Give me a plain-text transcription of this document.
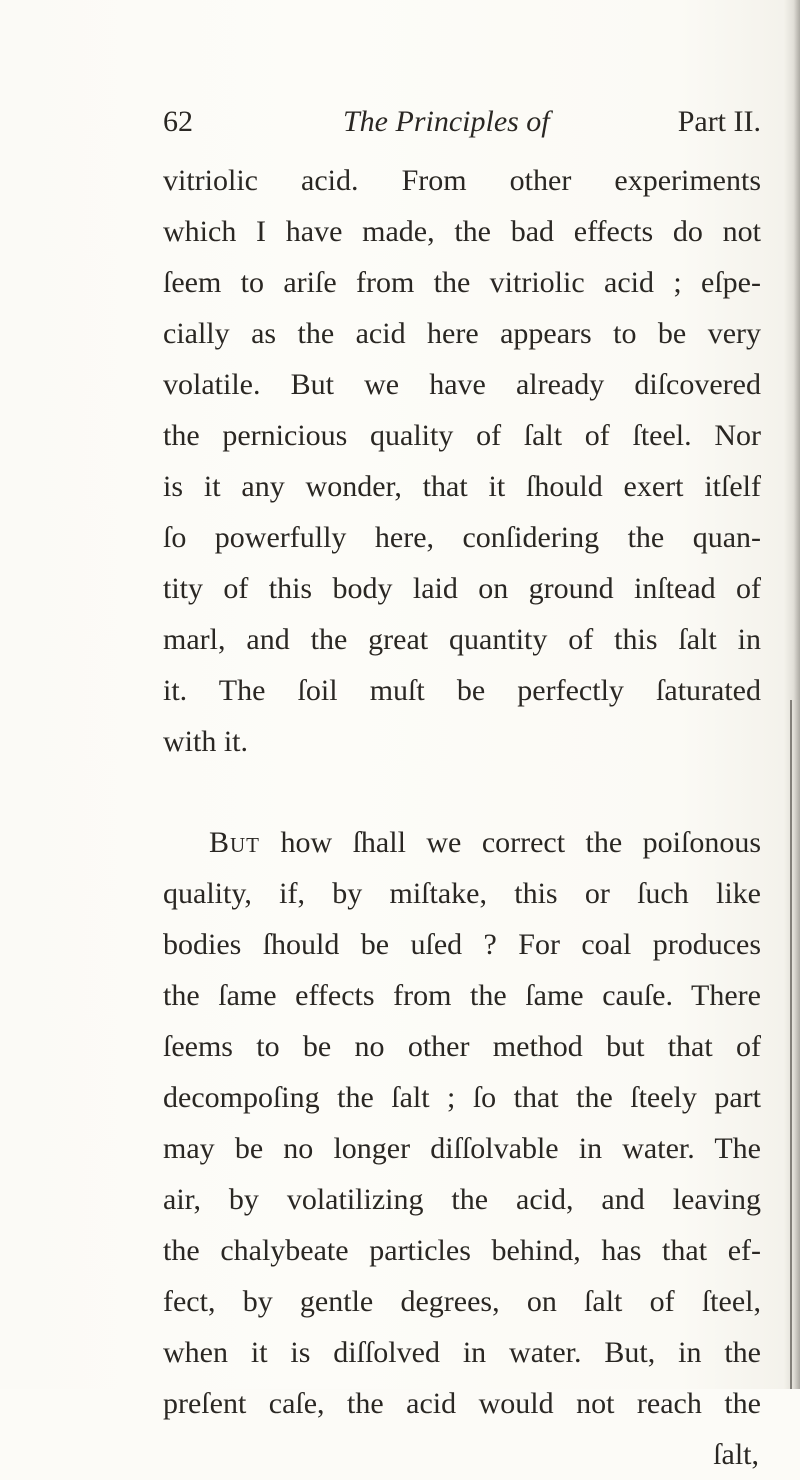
62	The Principles of	Part II.
vitriolic acid. From other experiments
which I have made, the bad effects do not
ſeem to ariſe from the vitriolic acid ; eſpe-
cially as the acid here appears to be very
volatile. But we have already diſcovered
the pernicious quality of ſalt of ſteel. Nor
is it any wonder, that it ſhould exert itſelf
ſo powerfully here, conſidering the quan-
tity of this body laid on ground inſtead of
marl, and the great quantity of this ſalt in
it. The ſoil muſt be perfectly ſaturated
with it.
But how ſhall we correct the poiſonous
quality, if, by miſtake, this or ſuch like
bodies ſhould be uſed ? For coal produces
the ſame effects from the ſame cauſe. There
ſeems to be no other method but that of
decompoſing the ſalt ; ſo that the ſteely part
may be no longer diſſolvable in water. The
air, by volatilizing the acid, and leaving
the chalybeate particles behind, has that ef-
fect, by gentle degrees, on ſalt of ſteel,
when it is diſſolved in water. But, in the
preſent caſe, the acid would not reach the
ſalt,
